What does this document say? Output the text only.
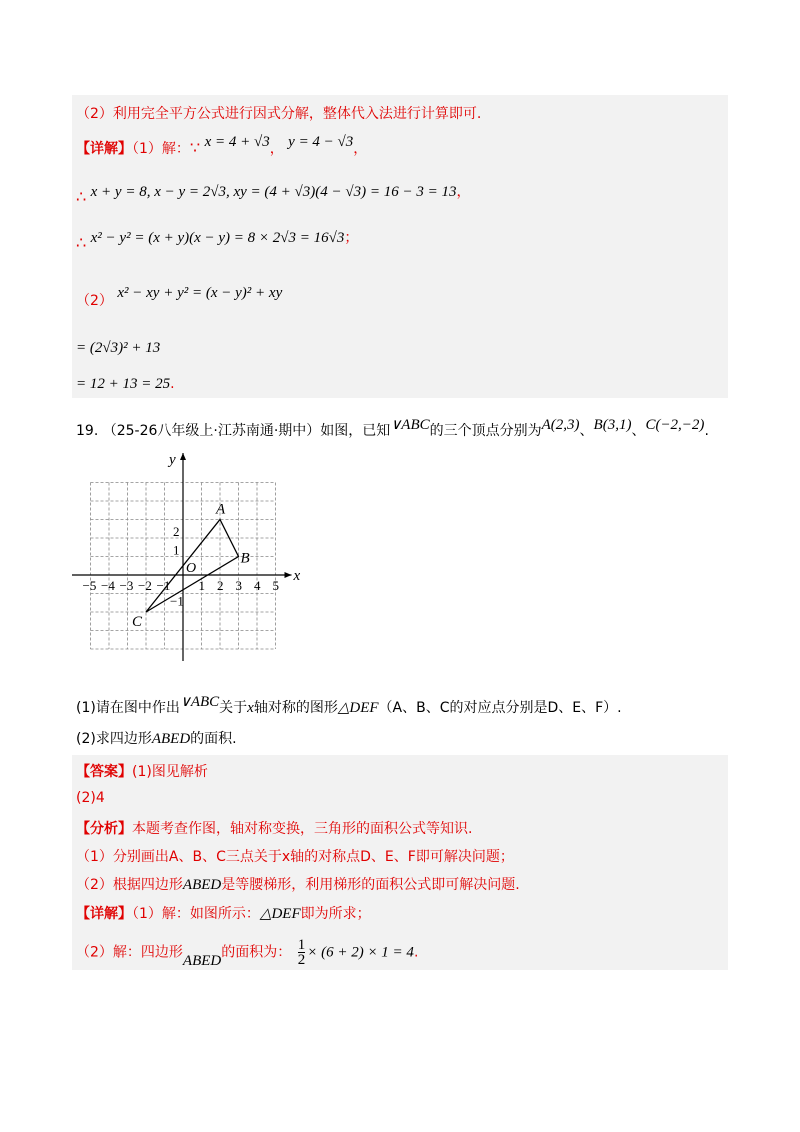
（2）利用完全平方公式进行因式分解，整体代入法进行计算即可.
【详解】（1）解：∵ x = 4 + √3， y = 4 − √3，
∴ x + y = 8, x − y = 2√3, xy = (4 + √3)(4 − √3) = 16 − 3 = 13，
∴ x² − y² = (x + y)(x − y) = 8 × 2√3 = 16√3；
（2） x² − xy + y² = (x − y)² + xy
= (2√3)² + 13
= 12 + 13 = 25.
19. （25-26八年级上·江苏南通·期中）如图，已知∨ABC的三个顶点分别为A(2,3)、B(3,1)、C(−2,−2).
x
y
O
−5 −4 −3 −2 −1 1 2 3 4 5
2
1
−1
A
B
C
(1)请在图中作出∨ABC关于x轴对称的图形△DEF（A、B、C的对应点分别是D、E、F）.
(2)求四边形ABED的面积.
【答案】(1)图见解析
(2)4
【分析】本题考查作图，轴对称变换，三角形的面积公式等知识.
（1）分别画出A、B、C三点关于x轴的对称点D、E、F即可解决问题；
（2）根据四边形ABED是等腰梯形，利用梯形的面积公式即可解决问题.
【详解】（1）解：如图所示：△DEF即为所求；
（2）解：四边形ABED的面积为： $\frac{1}{2} \times (6 + 2) \times 1 = 4$.
